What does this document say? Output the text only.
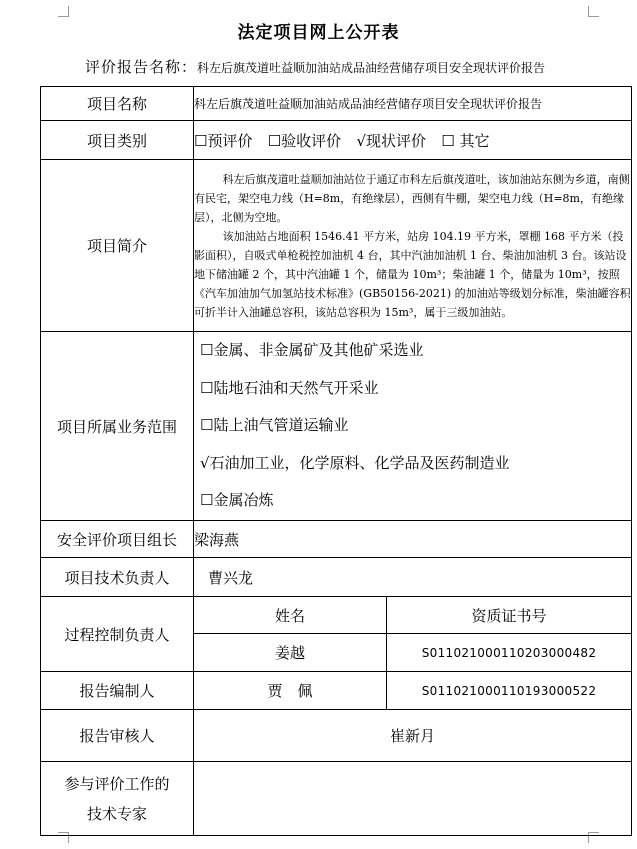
法定项目网上公开表
评价报告名称：科左后旗茂道吐益顺加油站成品油经营储存项目安全现状评价报告
项目名称	科左后旗茂道吐益顺加油站成品油经营储存项目安全现状评价报告	
项目类别	☐预评价 ☐验收评价 √现状评价 ☐ 其它	
项目简介	科左后旗茂道吐益顺加油站位于通辽市科左后旗茂道吐，该加油站东侧为乡道，南侧有民宅，架空电力线（H=8m，有绝缘层），西侧有牛棚，架空电力线（H=8m，有绝缘层），北侧为空地。

该加油站占地面积 1546.41 平方米，站房 104.19 平方米，罩棚 168 平方米（投影面积），自吸式单枪税控加油机 4 台，其中汽油加油机 1 台、柴油加油机 3 台。该站设地下储油罐 2 个，其中汽油罐 1 个，储量为 10m³；柴油罐 1 个，储量为 10m³，按照《汽车加油加气加氢站技术标准》(GB50156-2021) 的加油站等级划分标准，柴油罐容积可折半计入油罐总容积，该站总容积为 15m³，属于三级加油站。	

项目所属业务范围	☐金属、非金属矿及其他矿采选业
☐陆地石油和天然气开采业
☐陆上油气管道运输业
√石油加工业，化学原料、化学品及医药制造业
☐金属冶炼	

安全评价项目组长	梁海燕	
项目技术负责人	曹兴龙	
过程控制负责人	姓名	资质证书号
	姜越	S011021000110203000482
报告编制人	贾　佩	S011021000110193000522
报告审核人	崔新月	

参与评价工作的
技术专家		
